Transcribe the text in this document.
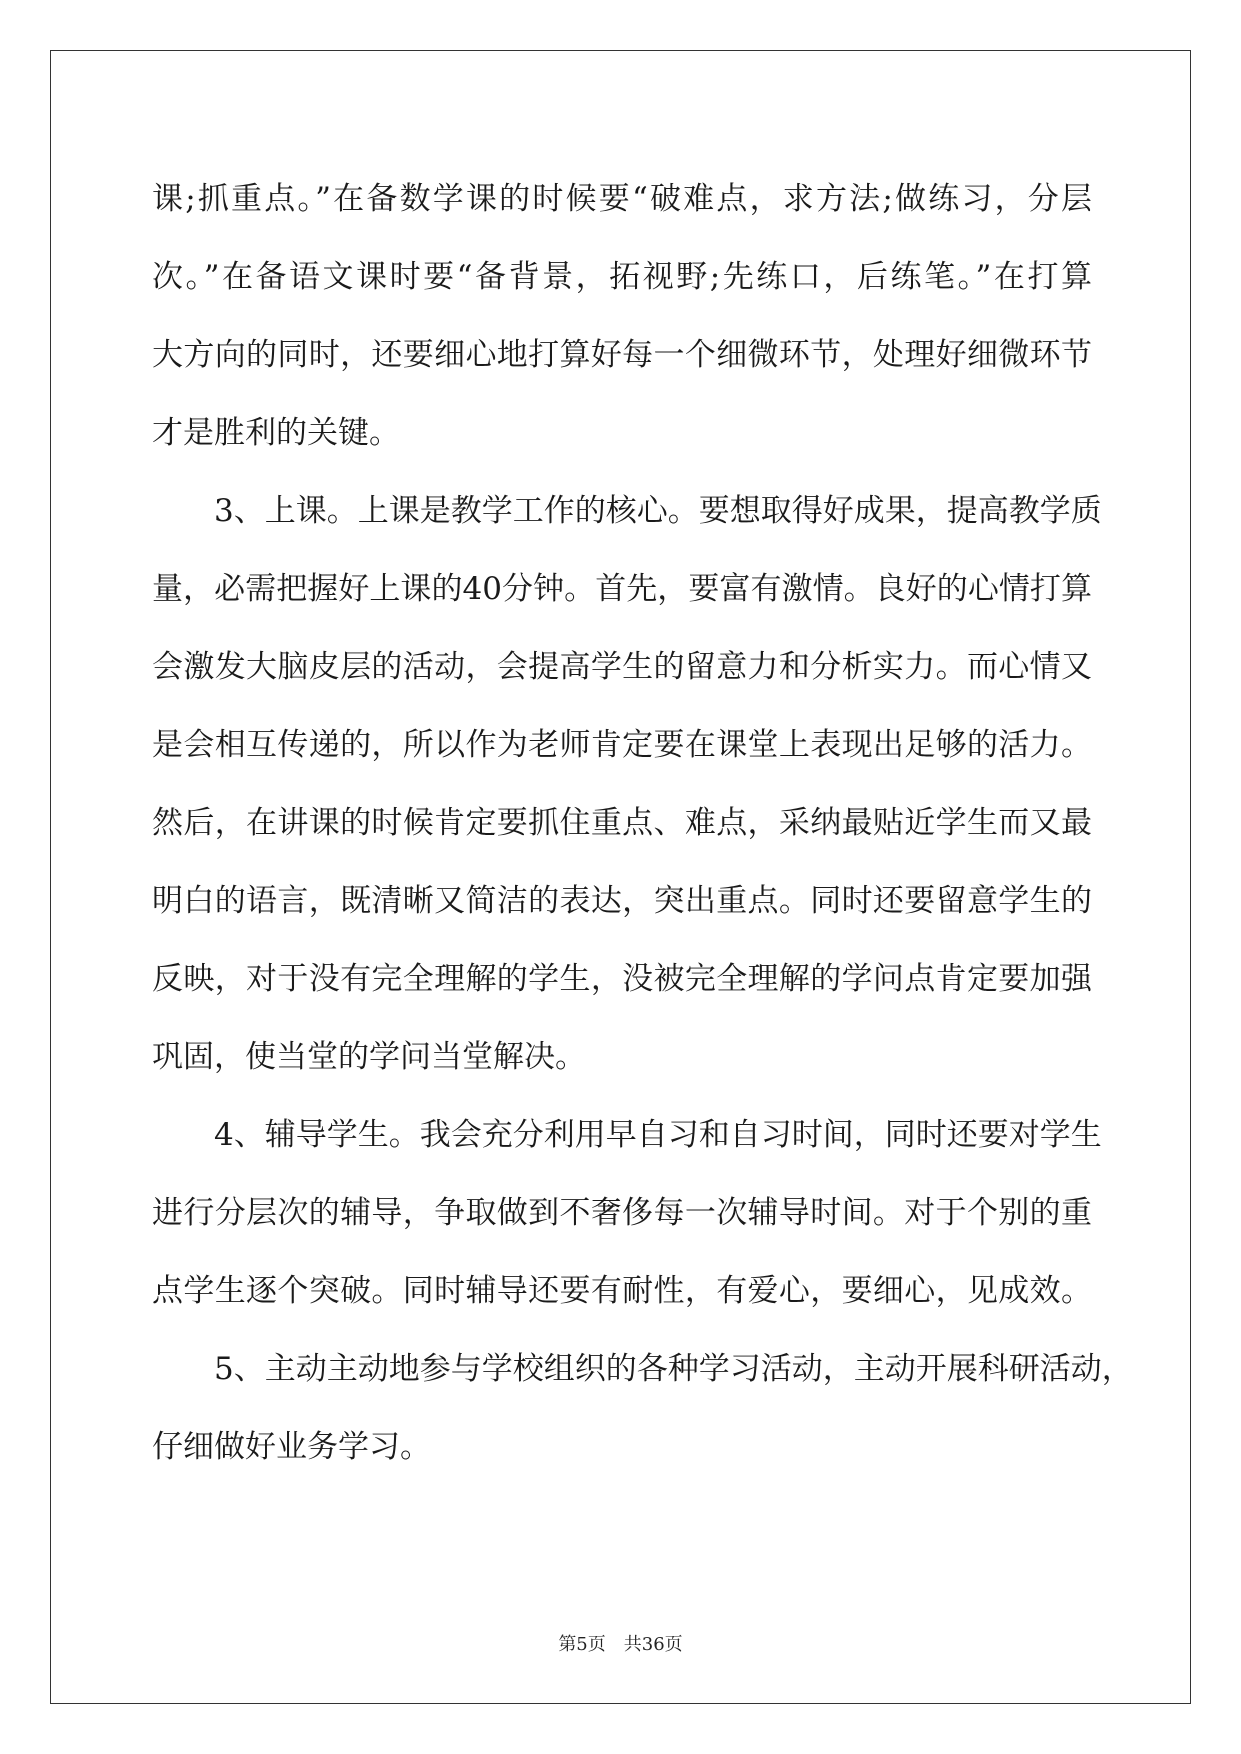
课;抓重点。”在备数学课的时候要“破难点，求方法;做练习，分层
次。”在备语文课时要“备背景，拓视野;先练口，后练笔。”在打算
大方向的同时，还要细心地打算好每一个细微环节，处理好细微环节
才是胜利的关键。
3、上课。上课是教学工作的核心。要想取得好成果，提高教学质
量，必需把握好上课的40分钟。首先，要富有激情。良好的心情打算
会激发大脑皮层的活动，会提高学生的留意力和分析实力。而心情又
是会相互传递的，所以作为老师肯定要在课堂上表现出足够的活力。
然后，在讲课的时候肯定要抓住重点、难点，采纳最贴近学生而又最
明白的语言，既清晰又简洁的表达，突出重点。同时还要留意学生的
反映，对于没有完全理解的学生，没被完全理解的学问点肯定要加强
巩固，使当堂的学问当堂解决。
4、辅导学生。我会充分利用早自习和自习时间，同时还要对学生
进行分层次的辅导，争取做到不奢侈每一次辅导时间。对于个别的重
点学生逐个突破。同时辅导还要有耐性，有爱心，要细心，见成效。
5、主动主动地参与学校组织的各种学习活动，主动开展科研活动，
仔细做好业务学习。
第5页　共36页
